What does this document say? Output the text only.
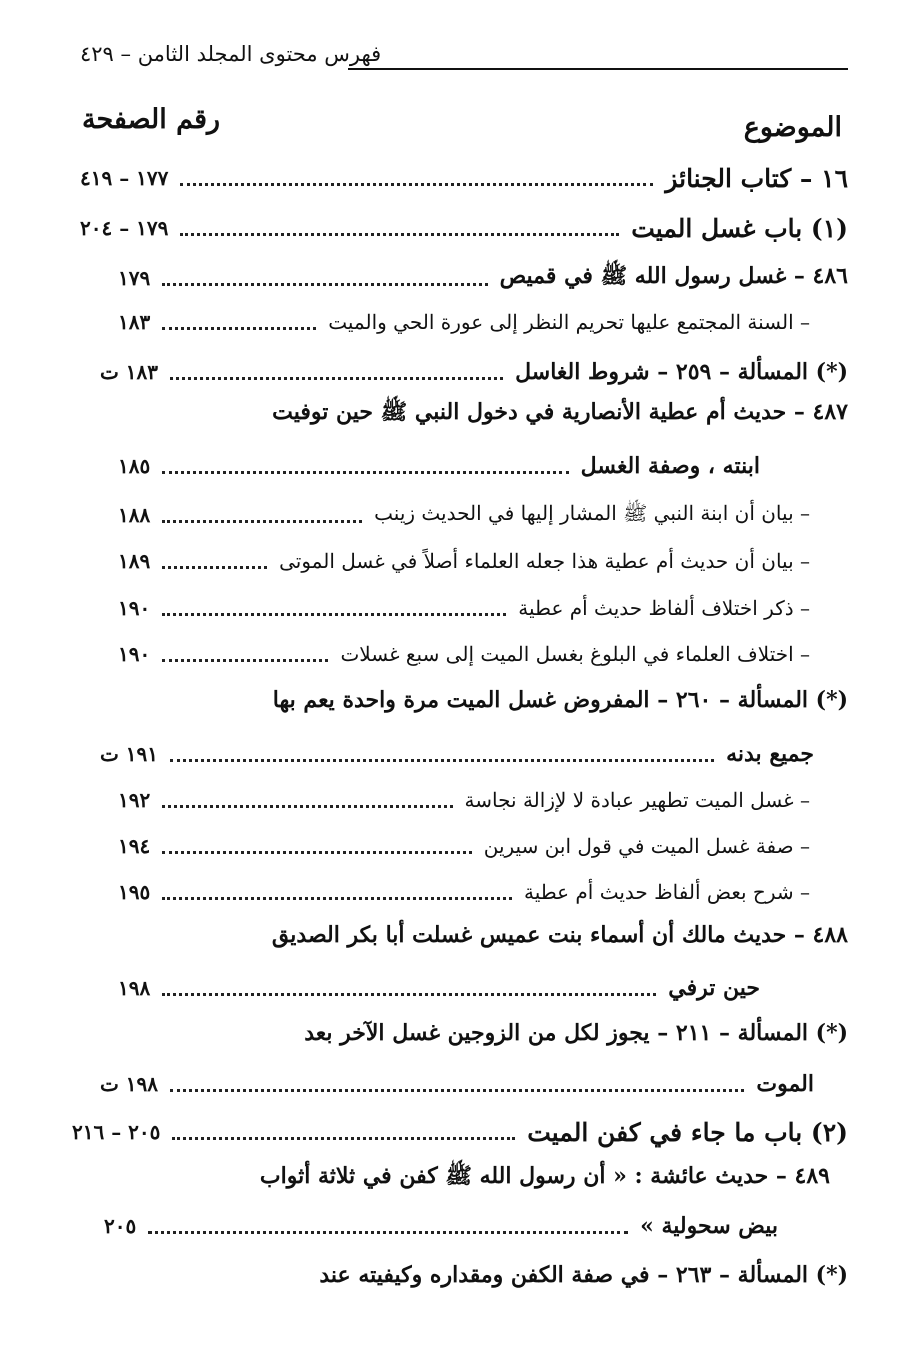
فهرس محتوى المجلد الثامن – ٤٢٩
الموضوع
رقم الصفحة
١٦ – كتاب الجنائز
١٧٧ – ٤١٩
(١) باب غسل الميت
١٧٩ – ٢٠٤
٤٨٦ – غسل رسول الله ﷺ في قميص
١٧٩
– السنة المجتمع عليها تحريم النظر إلى عورة الحي والميت
١٨٣
(*) المسألة – ٢٥٩ – شروط الغاسل
١٨٣ ت
٤٨٧ – حديث أم عطية الأنصارية في دخول النبي ﷺ حين توفيت
ابنته ، وصفة الغسل
١٨٥
– بيان أن ابنة النبي ﷺ المشار إليها في الحديث زينب
١٨٨
– بيان أن حديث أم عطية هذا جعله العلماء أصلاً في غسل الموتى
١٨٩
– ذكر اختلاف ألفاظ حديث أم عطية
١٩٠
– اختلاف العلماء في البلوغ بغسل الميت إلى سبع غسلات
١٩٠
(*) المسألة – ٢٦٠ – المفروض غسل الميت مرة واحدة يعم بها
جميع بدنه
١٩١ ت
– غسل الميت تطهير عبادة لا لإزالة نجاسة
١٩٢
– صفة غسل الميت في قول ابن سيرين
١٩٤
– شرح بعض ألفاظ حديث أم عطية
١٩٥
٤٨٨ – حديث مالك أن أسماء بنت عميس غسلت أبا بكر الصديق
حين ترفي
١٩٨
(*) المسألة – ٢١١ – يجوز لكل من الزوجين غسل الآخر بعد
الموت
١٩٨ ت
(٢) باب ما جاء في كفن الميت
٢٠٥ – ٢١٦
٤٨٩ – حديث عائشة : « أن رسول الله ﷺ كفن في ثلاثة أثواب
بيض سحولية »
٢٠٥
(*) المسألة – ٢٦٣ – في صفة الكفن ومقداره وكيفيته عند
